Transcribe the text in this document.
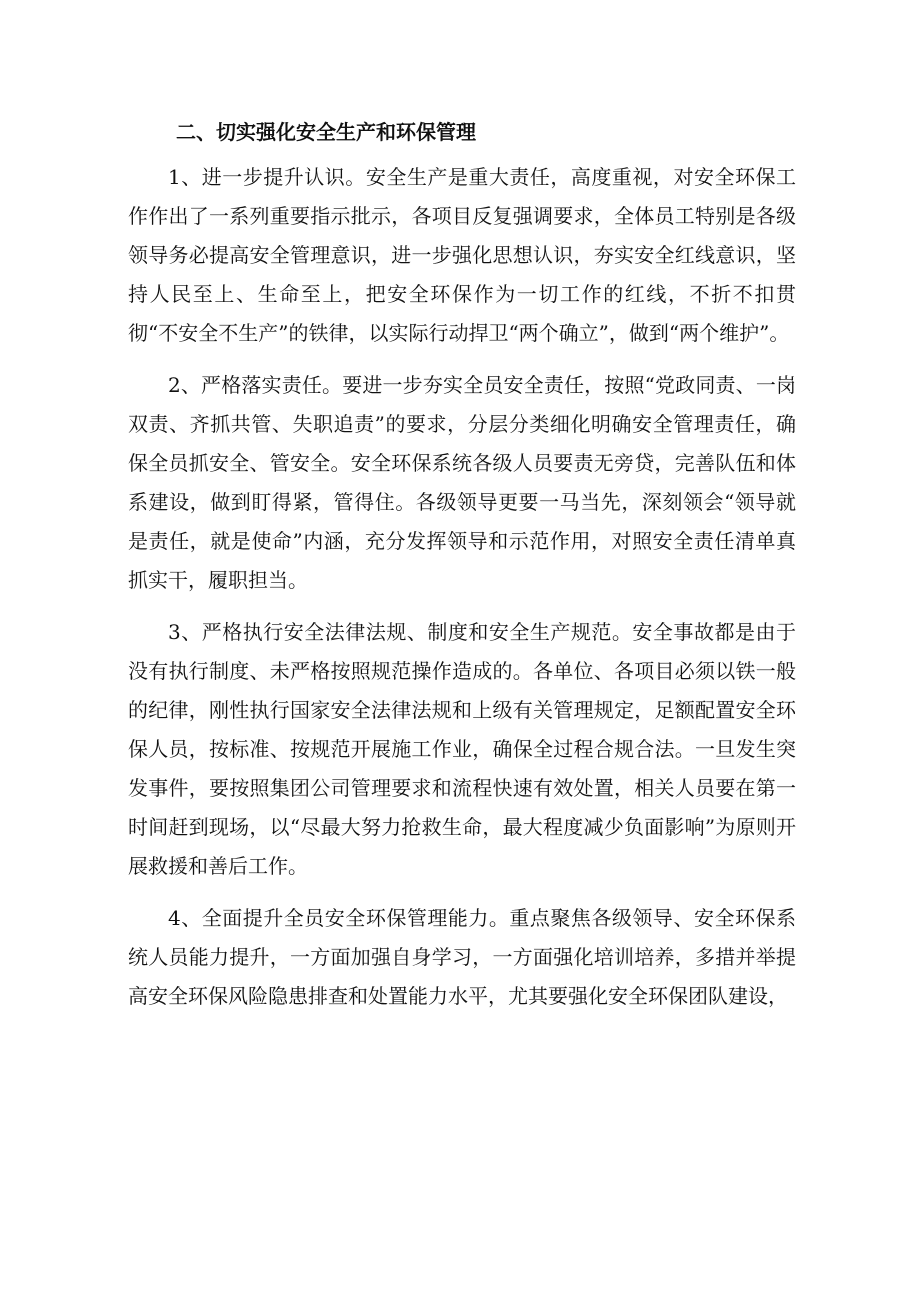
二、切实强化安全生产和环保管理

1、进一步提升认识。安全生产是重大责任，高度重视，对安全环保工作作出了一系列重要指示批示，各项目反复强调要求，全体员工特别是各级领导务必提高安全管理意识，进一步强化思想认识，夯实安全红线意识，坚持人民至上、生命至上，把安全环保作为一切工作的红线，不折不扣贯彻“不安全不生产”的铁律，以实际行动捍卫“两个确立”，做到“两个维护”。

2、严格落实责任。要进一步夯实全员安全责任，按照“党政同责、一岗双责、齐抓共管、失职追责”的要求，分层分类细化明确安全管理责任，确保全员抓安全、管安全。安全环保系统各级人员要责无旁贷，完善队伍和体系建设，做到盯得紧，管得住。各级领导更要一马当先，深刻领会“领导就是责任，就是使命”内涵，充分发挥领导和示范作用，对照安全责任清单真抓实干，履职担当。

3、严格执行安全法律法规、制度和安全生产规范。安全事故都是由于没有执行制度、未严格按照规范操作造成的。各单位、各项目必须以铁一般的纪律，刚性执行国家安全法律法规和上级有关管理规定，足额配置安全环保人员，按标准、按规范开展施工作业，确保全过程合规合法。一旦发生突发事件，要按照集团公司管理要求和流程快速有效处置，相关人员要在第一时间赶到现场，以“尽最大努力抢救生命，最大程度减少负面影响”为原则开展救援和善后工作。

4、全面提升全员安全环保管理能力。重点聚焦各级领导、安全环保系统人员能力提升，一方面加强自身学习，一方面强化培训培养，多措并举提高安全环保风险隐患排查和处置能力水平，尤其要强化安全环保团队建设，
